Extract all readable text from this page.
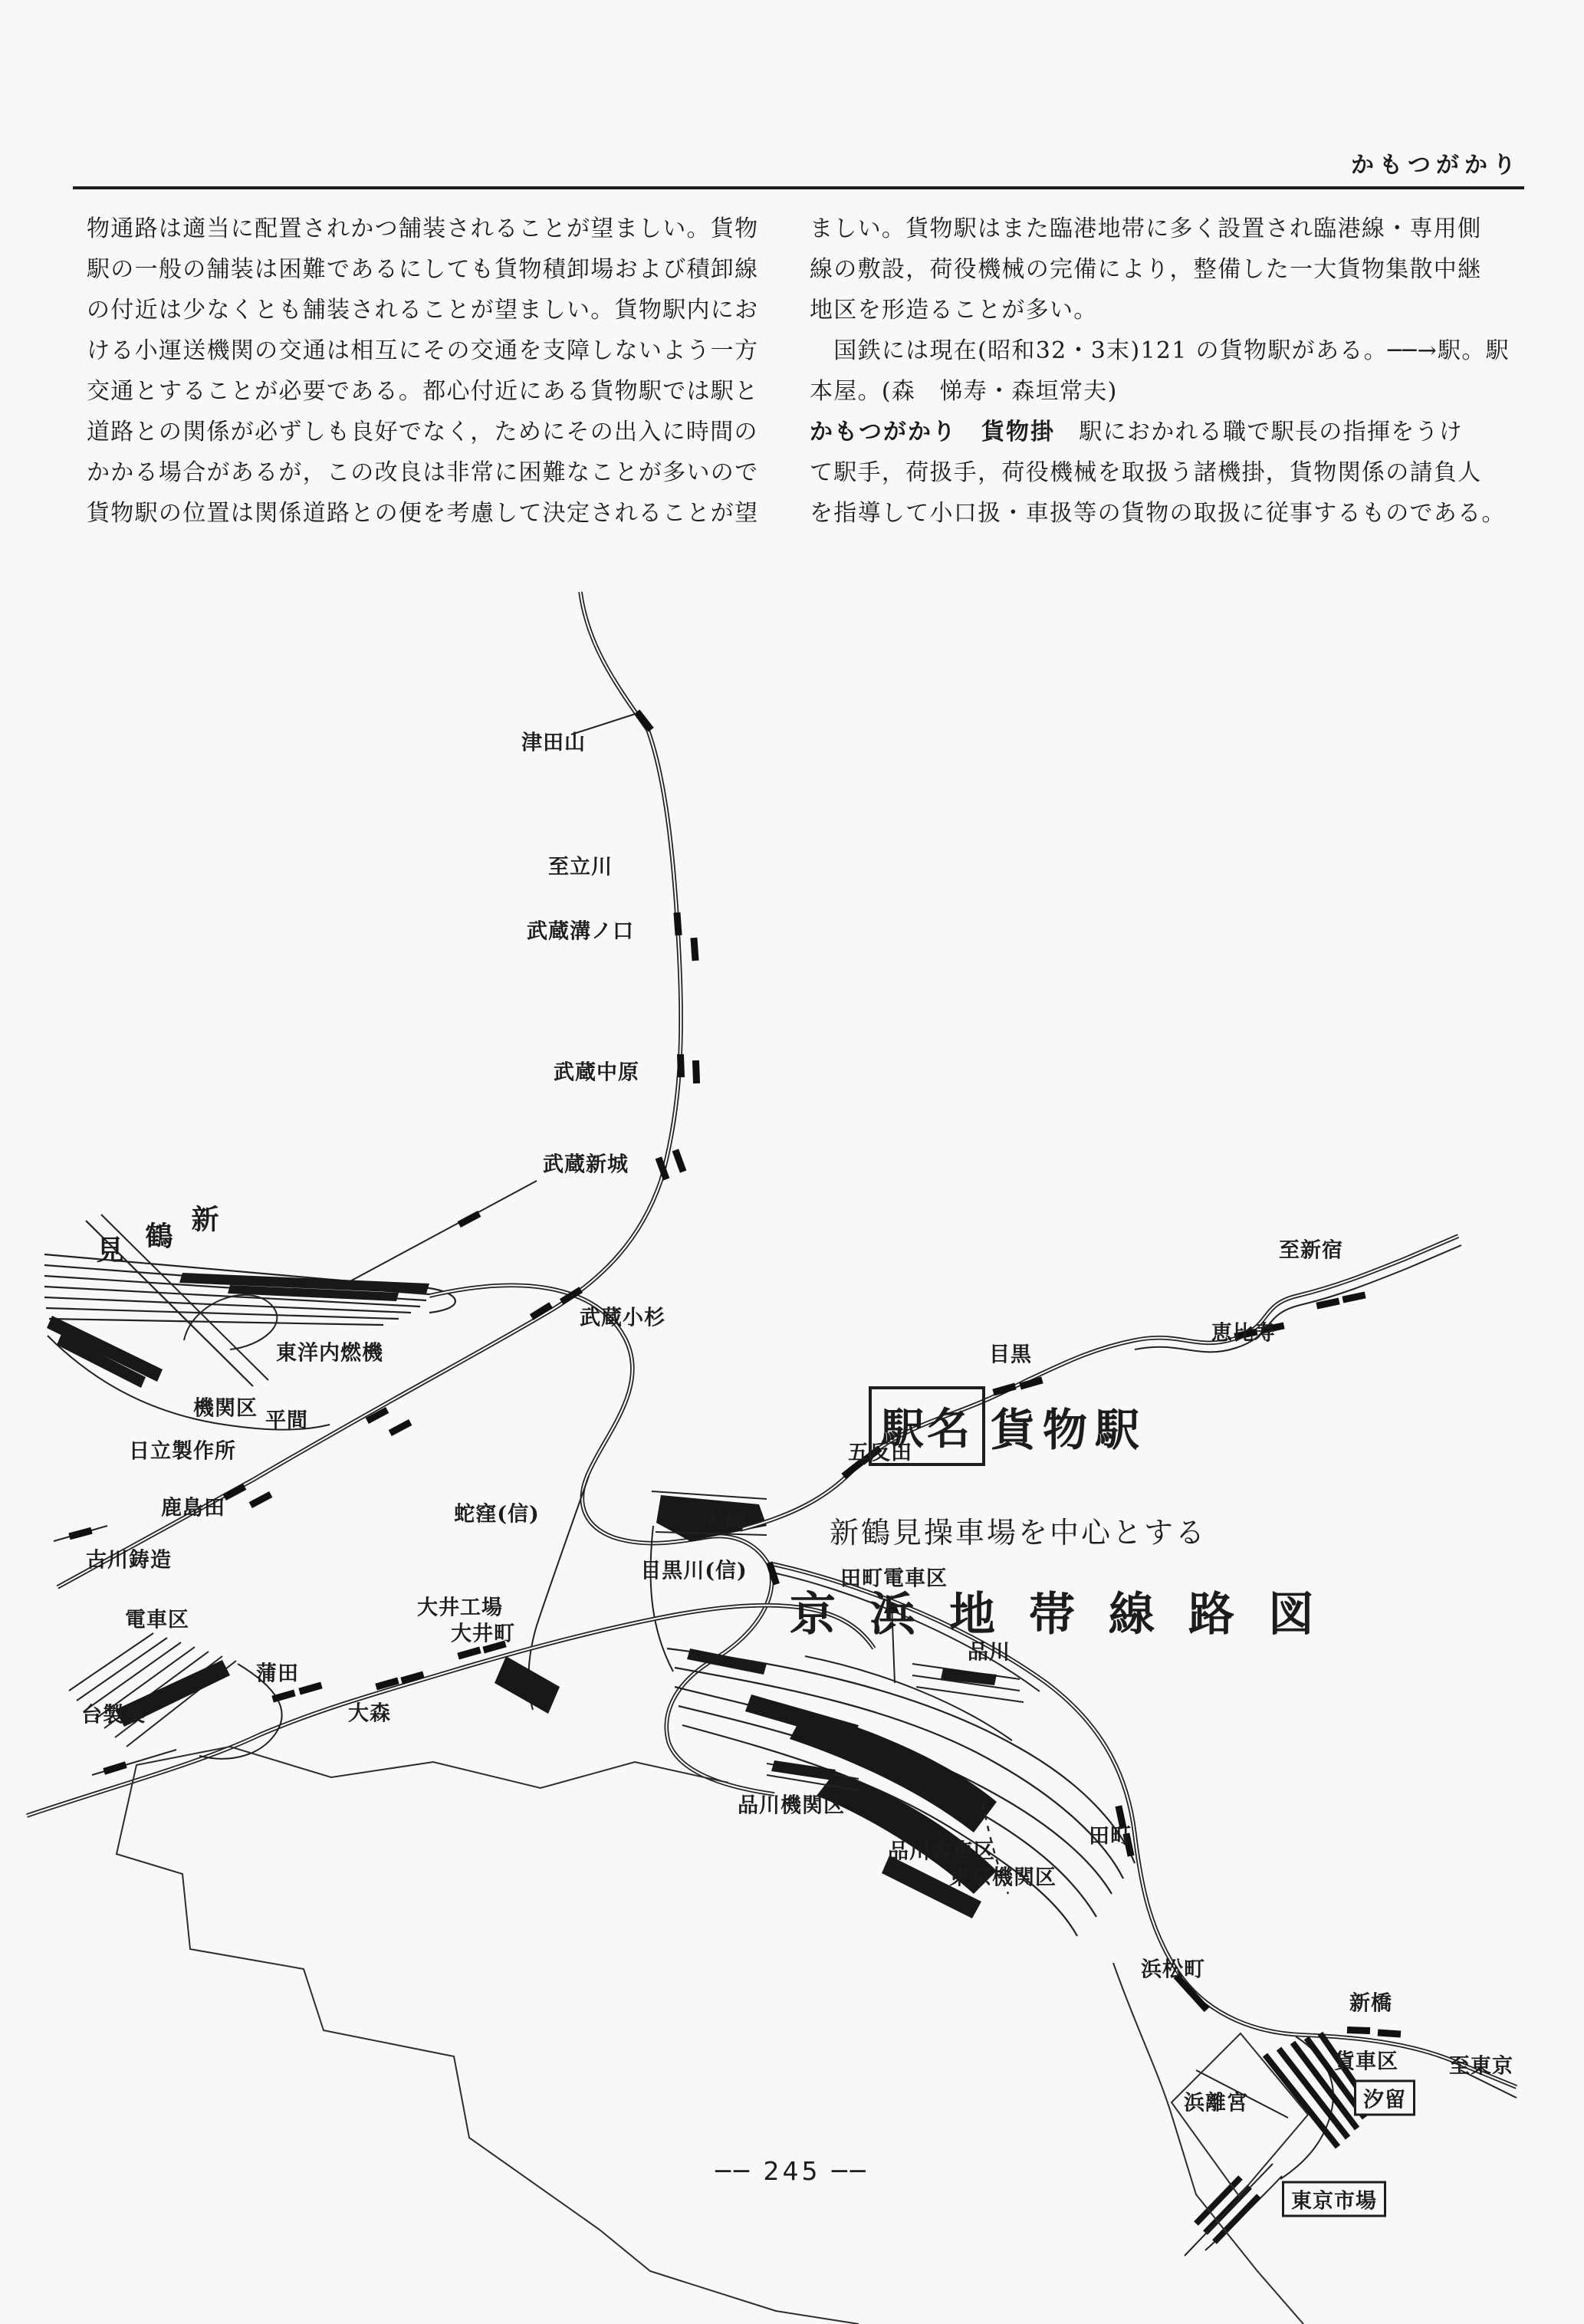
かもつがかり
物通路は適当に配置されかつ舗装されることが望ましい。貨物
駅の一般の舗装は困難であるにしても貨物積卸場および積卸線
の付近は少なくとも舗装されることが望ましい。貨物駅内にお
ける小運送機関の交通は相互にその交通を支障しないよう一方
交通とすることが必要である。都心付近にある貨物駅では駅と
道路との関係が必ずしも良好でなく，ためにその出入に時間の
かかる場合があるが，この改良は非常に困難なことが多いので
貨物駅の位置は関係道路との便を考慮して決定されることが望
ましい。貨物駅はまた臨港地帯に多く設置され臨港線・専用側
線の敷設，荷役機械の完備により，整備した一大貨物集散中継
地区を形造ることが多い。
　国鉄には現在(昭和32・3末)121 の貨物駅がある。──→駅。駅
本屋。(森　悌寿・森垣常夫)
かもつがかり　貨物掛　駅におかれる職で駅長の指揮をうけ
て駅手，荷扱手，荷役機械を取扱う諸機掛，貨物関係の請負人
を指導して小口扱・車扱等の貨物の取扱に従事するものである。
駅名 貨物駅
新鶴見操車場を中心とする
京浜地帯線路図
至立川
津田山
武蔵溝ノ口
武蔵中原
武蔵新城
武蔵小杉
新
鶴
見
東洋内燃機
機関区
平間
日立製作所
鹿島田
古川鋳造
蛇窪(信)
大井工場
大崎
目黒川(信)
五反田
目黒
恵比寿
至新宿
田町電車区
品川
大井町
大森
蒲田
電車区
台製菓
品川機関区
品川客車区
東京機関区
田町
浜松町
新橋
貨車区 至東京
汐留
浜離宮
東京市場
── 245 ──
